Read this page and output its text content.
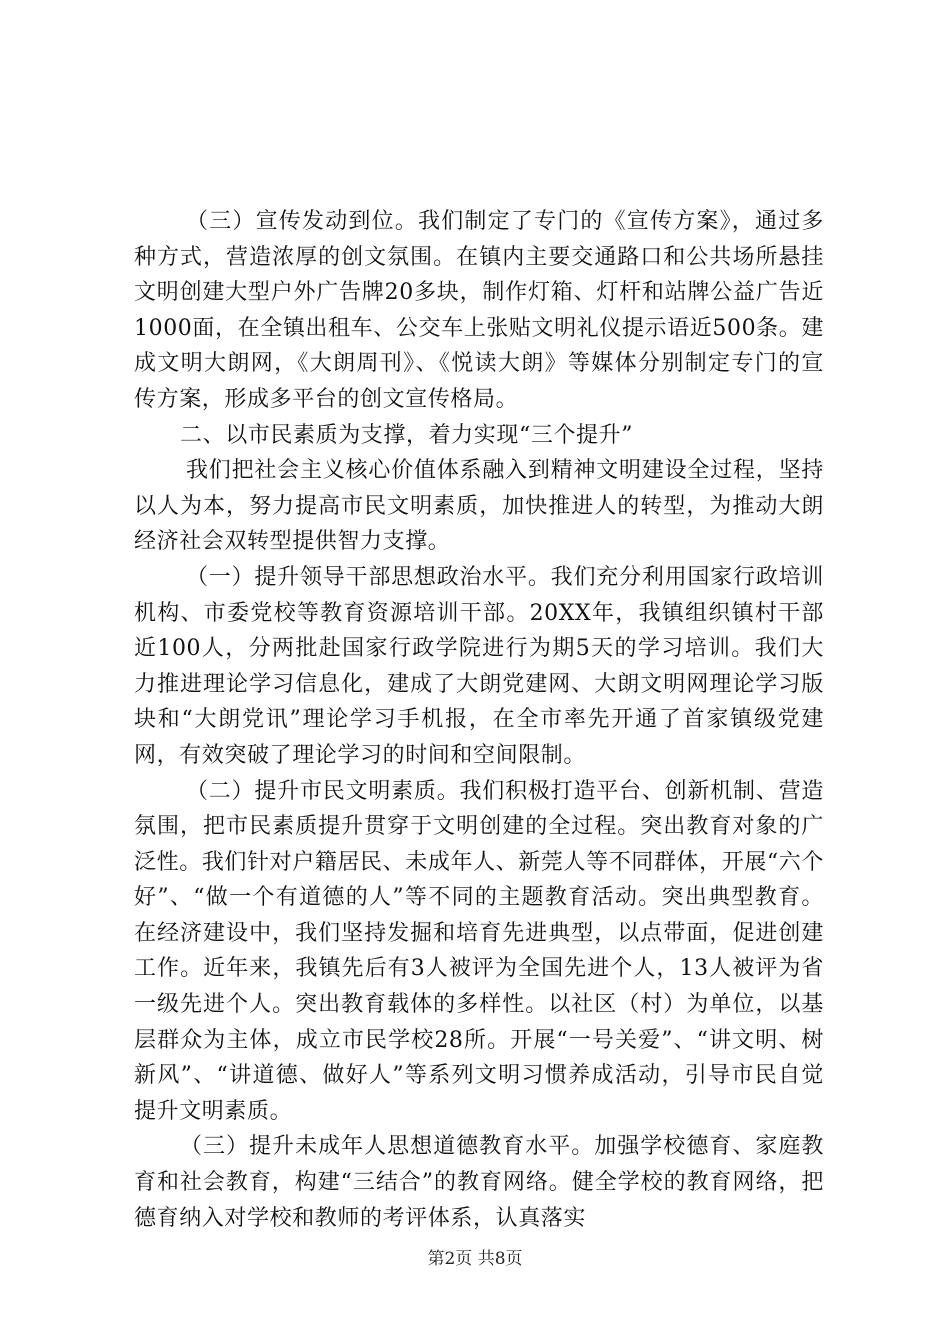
（三）宣传发动到位。我们制定了专门的《宣传方案》，通过多种方式，营造浓厚的创文氛围。在镇内主要交通路口和公共场所悬挂文明创建大型户外广告牌20多块，制作灯箱、灯杆和站牌公益广告近1000面，在全镇出租车、公交车上张贴文明礼仪提示语近500条。建成文明大朗网，《大朗周刊》、《悦读大朗》等媒体分别制定专门的宣传方案，形成多平台的创文宣传格局。

二、以市民素质为支撑，着力实现“三个提升”

我们把社会主义核心价值体系融入到精神文明建设全过程，坚持以人为本，努力提高市民文明素质，加快推进人的转型，为推动大朗经济社会双转型提供智力支撑。

（一）提升领导干部思想政治水平。我们充分利用国家行政培训机构、市委党校等教育资源培训干部。20XX年，我镇组织镇村干部近100人，分两批赴国家行政学院进行为期5天的学习培训。我们大力推进理论学习信息化，建成了大朗党建网、大朗文明网理论学习版块和“大朗党讯”理论学习手机报，在全市率先开通了首家镇级党建网，有效突破了理论学习的时间和空间限制。

（二）提升市民文明素质。我们积极打造平台、创新机制、营造氛围，把市民素质提升贯穿于文明创建的全过程。突出教育对象的广泛性。我们针对户籍居民、未成年人、新莞人等不同群体，开展“六个好”、“做一个有道德的人”等不同的主题教育活动。突出典型教育。在经济建设中，我们坚持发掘和培育先进典型，以点带面，促进创建工作。近年来，我镇先后有3人被评为全国先进个人，13人被评为省一级先进个人。突出教育载体的多样性。以社区（村）为单位，以基层群众为主体，成立市民学校28所。开展“一号关爱”、“讲文明、树新风”、“讲道德、做好人”等系列文明习惯养成活动，引导市民自觉提升文明素质。

（三）提升未成年人思想道德教育水平。加强学校德育、家庭教育和社会教育，构建“三结合”的教育网络。健全学校的教育网络，把德育纳入对学校和教师的考评体系，认真落实

第2页 共8页
